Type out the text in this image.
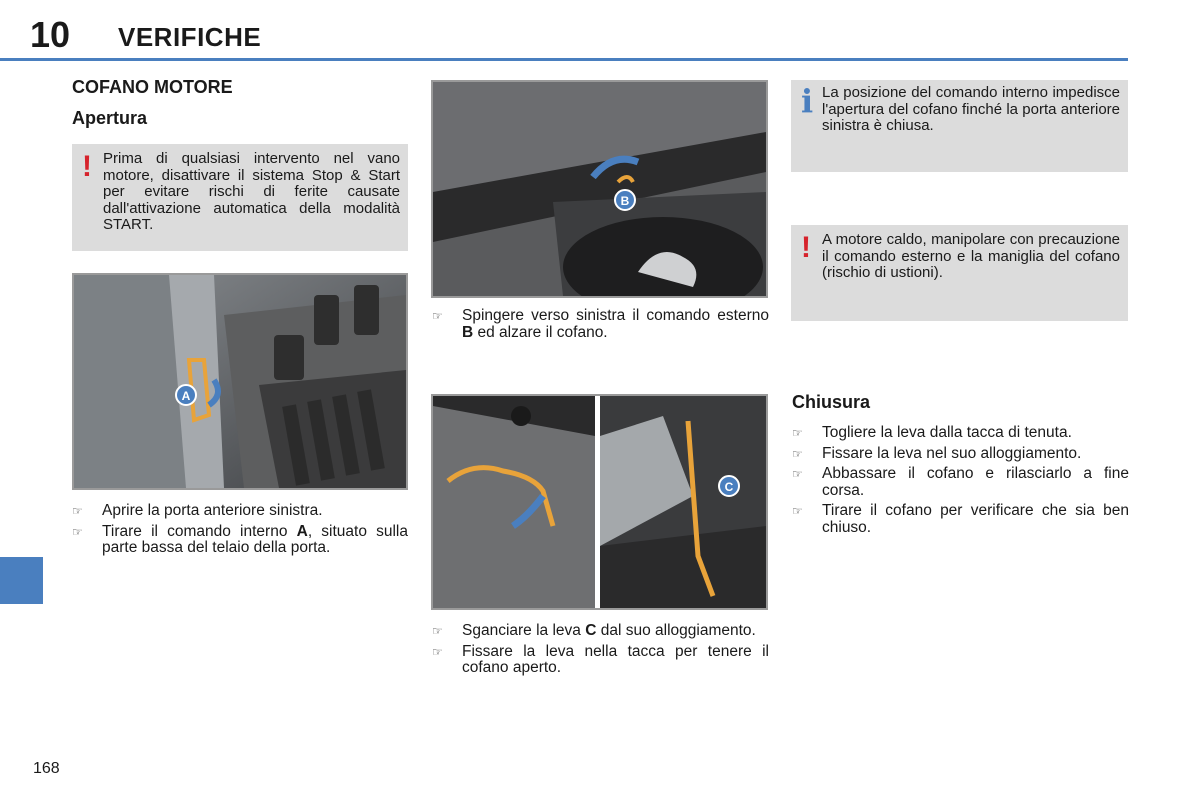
10 VERIFICHE
COFANO MOTORE
Apertura
! Prima di qualsiasi intervento nel vano motore, disattivare il sistema Stop & Start per evitare rischi di ferite causate dall'attivazione automatica della modalità START.
A
☞ Aprire la porta anteriore sinistra.
☞ Tirare il comando interno A, situato sulla parte bassa del telaio della porta.
B
☞ Spingere verso sinistra il comando esterno B ed alzare il cofano.
C
☞ Sganciare la leva C dal suo alloggiamento.
☞ Fissare la leva nella tacca per tenere il cofano aperto.
i La posizione del comando interno impedisce l'apertura del cofano finché la porta anteriore sinistra è chiusa.
! A motore caldo, manipolare con precauzione il comando esterno e la maniglia del cofano (rischio di ustioni).
Chiusura
☞ Togliere la leva dalla tacca di tenuta.
☞ Fissare la leva nel suo alloggiamento.
☞ Abbassare il cofano e rilasciarlo a fine corsa.
☞ Tirare il cofano per verificare che sia ben chiuso.
168
